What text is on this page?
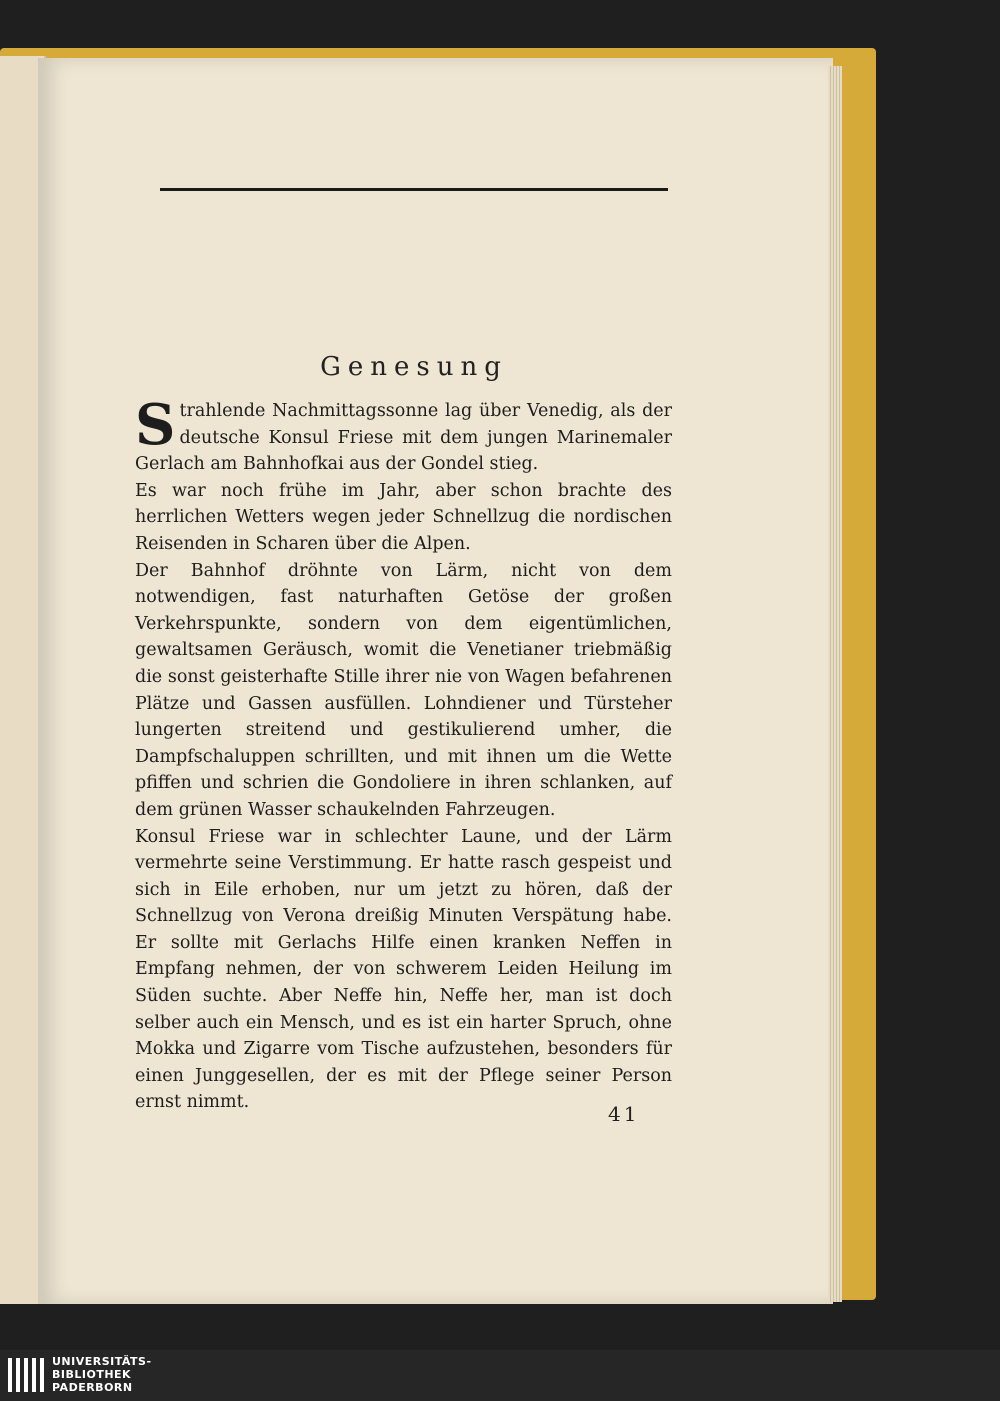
Genesung

Strahlende Nachmittagssonne lag über Venedig, als der deutsche Konsul Friese mit dem jungen Marinemaler Gerlach am Bahnhofkai aus der Gondel stieg.

Es war noch frühe im Jahr, aber schon brachte des herrlichen Wetters wegen jeder Schnellzug die nordischen Reisenden in Scharen über die Alpen.

Der Bahnhof dröhnte von Lärm, nicht von dem notwendigen, fast naturhaften Getöse der großen Verkehrspunkte, sondern von dem eigentümlichen, gewaltsamen Geräusch, womit die Venetianer triebmäßig die sonst geisterhafte Stille ihrer nie von Wagen befahrenen Plätze und Gassen ausfüllen. Lohndiener und Türsteher lungerten streitend und gestikulierend umher, die Dampfschaluppen schrillten, und mit ihnen um die Wette pfiffen und schrien die Gondoliere in ihren schlanken, auf dem grünen Wasser schaukelnden Fahrzeugen.

Konsul Friese war in schlechter Laune, und der Lärm vermehrte seine Verstimmung. Er hatte rasch gespeist und sich in Eile erhoben, nur um jetzt zu hören, daß der Schnellzug von Verona dreißig Minuten Verspätung habe. Er sollte mit Gerlachs Hilfe einen kranken Neffen in Empfang nehmen, der von schwerem Leiden Heilung im Süden suchte. Aber Neffe hin, Neffe her, man ist doch selber auch ein Mensch, und es ist ein harter Spruch, ohne Mokka und Zigarre vom Tische aufzustehen, besonders für einen Junggesellen, der es mit der Pflege seiner Person ernst nimmt.	41
UNIVERSITÄTS-
BIBLIOTHEK
PADERBORN
